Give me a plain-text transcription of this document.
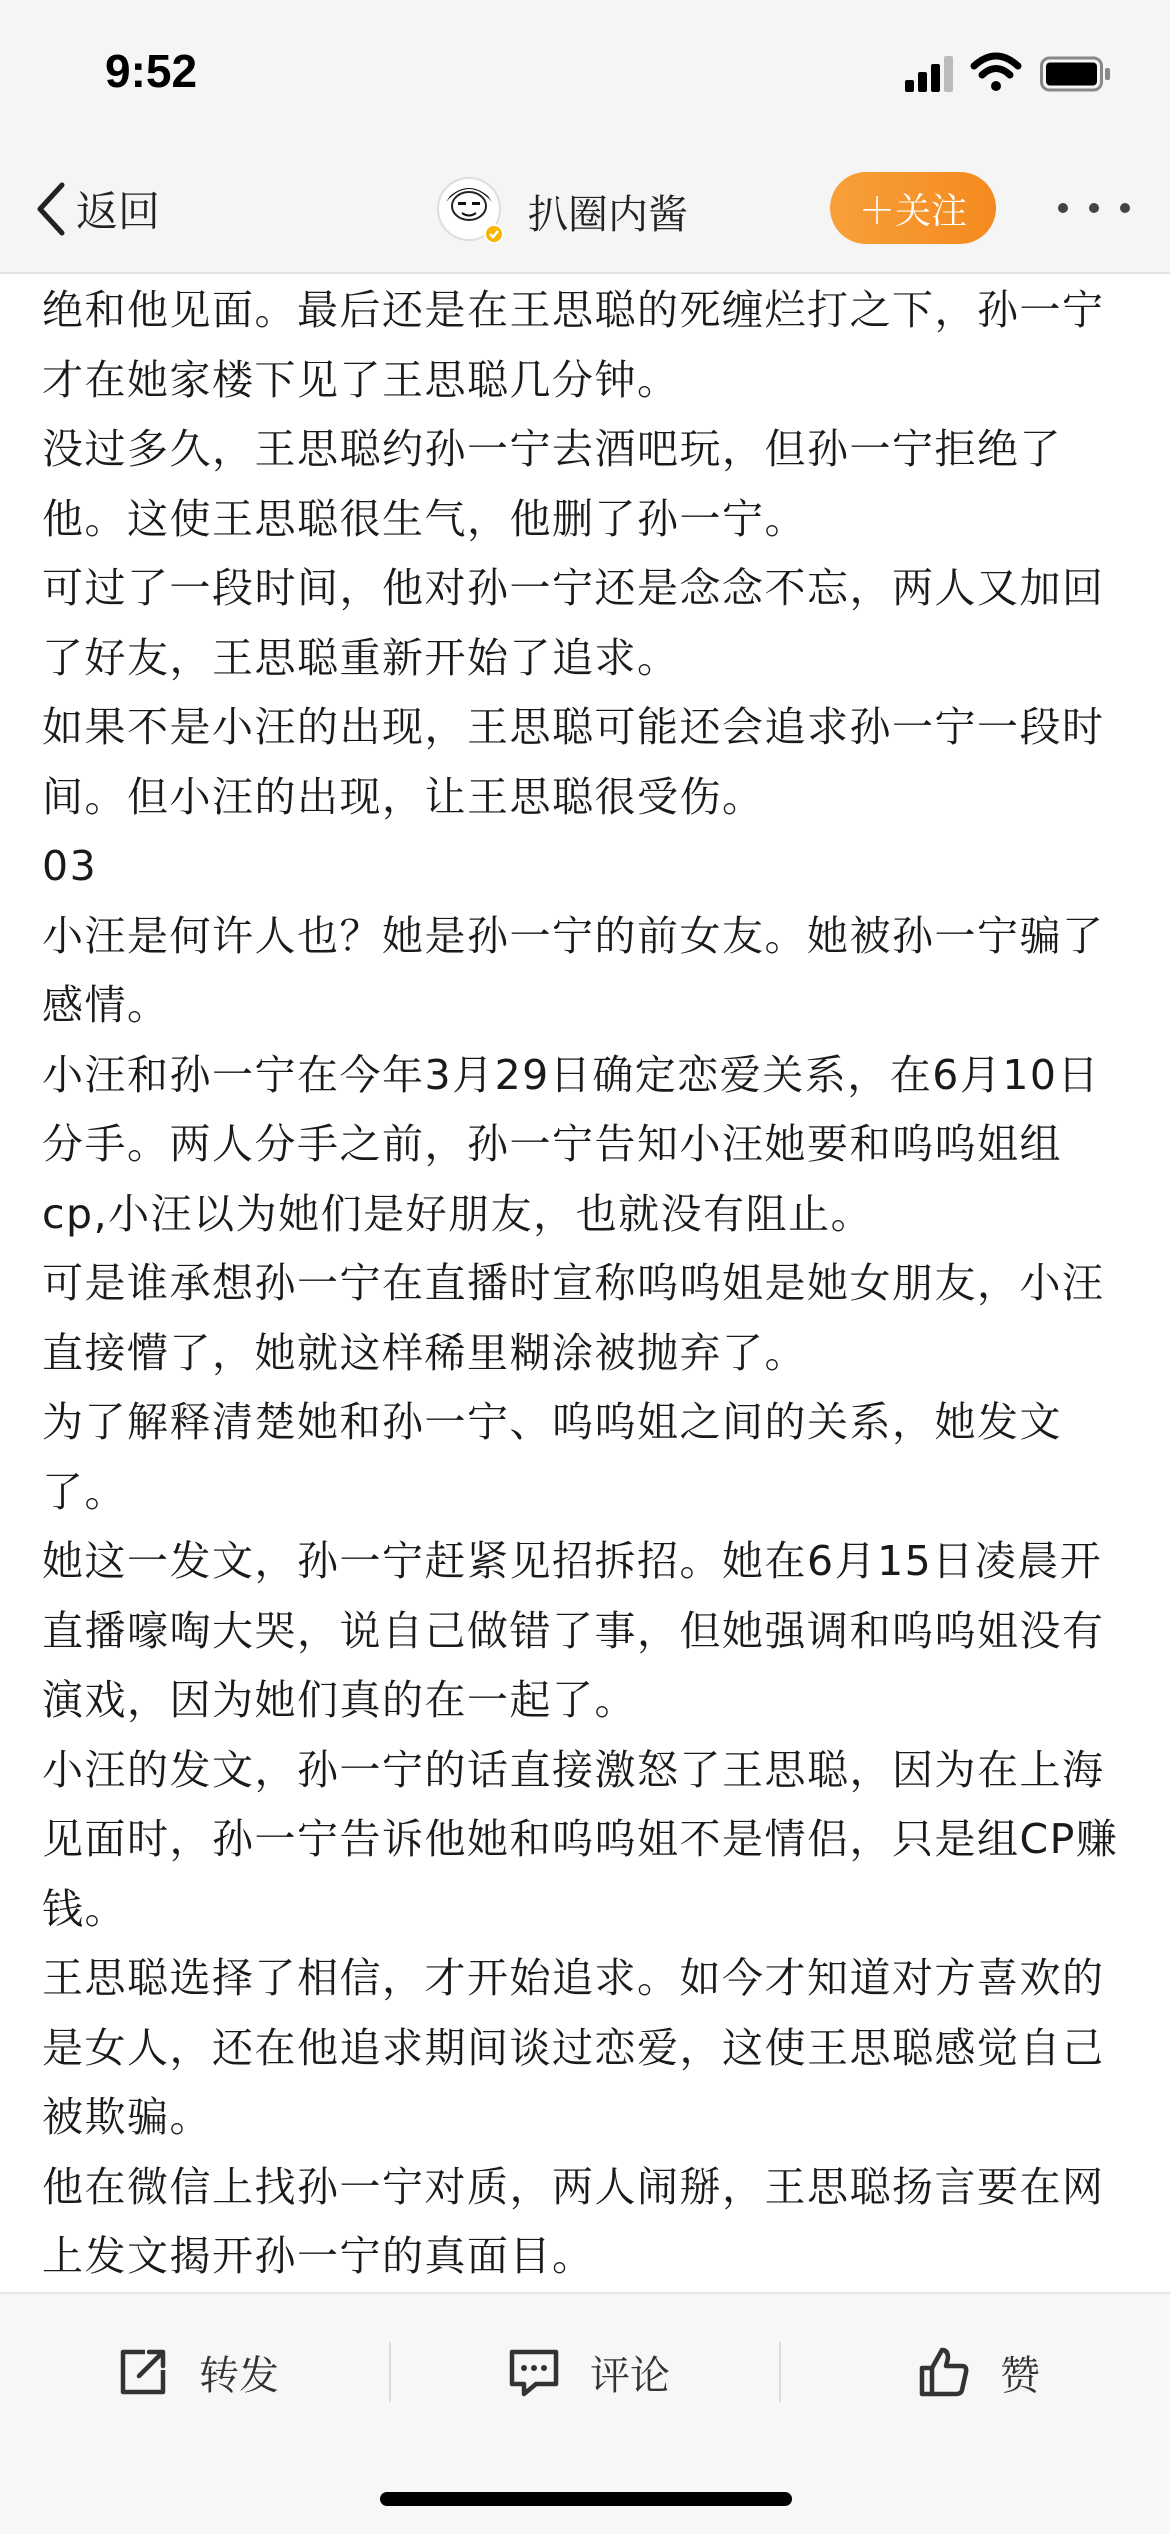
9:52
返回	扒圈内酱	＋关注

绝和他见面。最后还是在王思聪的死缠烂打之下，孙一宁才在她家楼下见了王思聪几分钟。

没过多久，王思聪约孙一宁去酒吧玩，但孙一宁拒绝了他。这使王思聪很生气，他删了孙一宁。

可过了一段时间，他对孙一宁还是念念不忘，两人又加回了好友，王思聪重新开始了追求。

如果不是小汪的出现，王思聪可能还会追求孙一宁一段时间。但小汪的出现，让王思聪很受伤。

03

小汪是何许人也？她是孙一宁的前女友。她被孙一宁骗了感情。

小汪和孙一宁在今年3月29日确定恋爱关系，在6月10日分手。两人分手之前，孙一宁告知小汪她要和呜呜姐组cp,小汪以为她们是好朋友，也就没有阻止。

可是谁承想孙一宁在直播时宣称呜呜姐是她女朋友，小汪直接懵了，她就这样稀里糊涂被抛弃了。

为了解释清楚她和孙一宁、呜呜姐之间的关系，她发文了。

她这一发文，孙一宁赶紧见招拆招。她在6月15日凌晨开直播嚎啕大哭，说自己做错了事，但她强调和呜呜姐没有演戏，因为她们真的在一起了。

小汪的发文，孙一宁的话直接激怒了王思聪，因为在上海见面时，孙一宁告诉他她和呜呜姐不是情侣，只是组CP赚钱。

王思聪选择了相信，才开始追求。如今才知道对方喜欢的是女人，还在他追求期间谈过恋爱，这使王思聪感觉自己被欺骗。

他在微信上找孙一宁对质，两人闹掰，王思聪扬言要在网上发文揭开孙一宁的真面目。

转发	评论	赞
